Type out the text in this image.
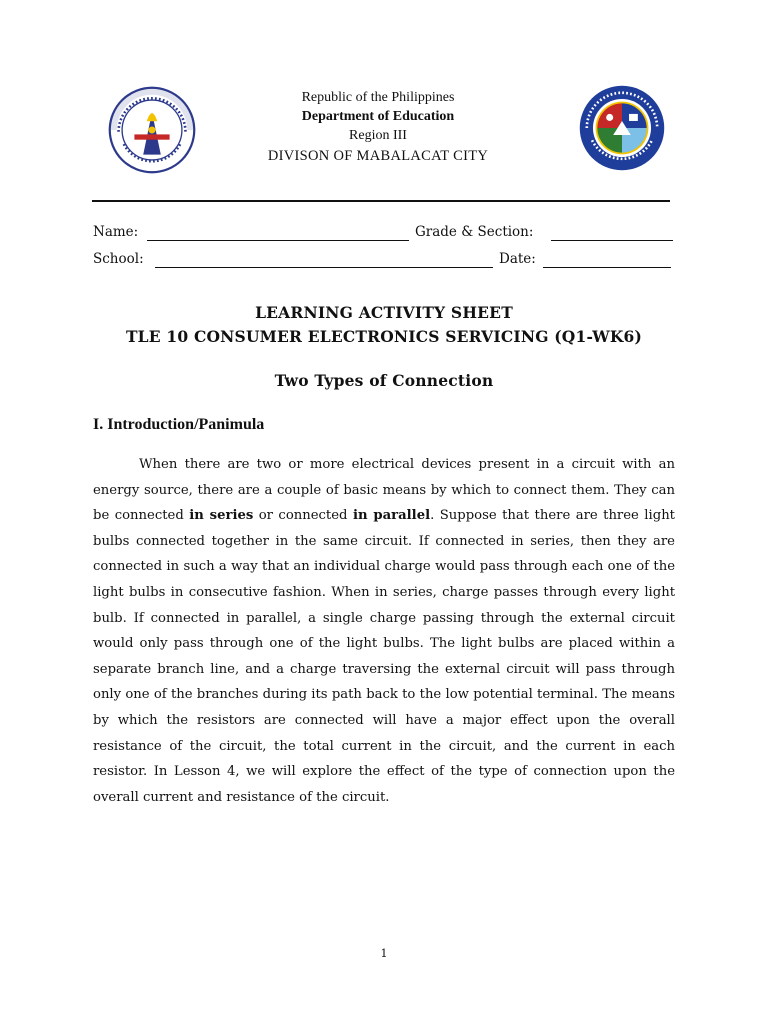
Republic of the Philippines
Department of Education
Region III
DIVISON OF MABALACAT CITY
Name:	Grade & Section:
School:	Date:
LEARNING ACTIVITY SHEET
TLE 10 CONSUMER ELECTRONICS SERVICING (Q1-WK6)
Two Types of Connection
I. Introduction/Panimula

When there are two or more electrical devices present in a circuit with an energy source, there are a couple of basic means by which to connect them. They can be connected in series or connected in parallel. Suppose that there are three light bulbs connected together in the same circuit. If connected in series, then they are connected in such a way that an individual charge would pass through each one of the light bulbs in consecutive fashion. When in series, charge passes through every light bulb. If connected in parallel, a single charge passing through the external circuit would only pass through one of the light bulbs. The light bulbs are placed within a separate branch line, and a charge traversing the external circuit will pass through only one of the branches during its path back to the low potential terminal. The means by which the resistors are connected will have a major effect upon the overall resistance of the circuit, the total current in the circuit, and the current in each resistor. In Lesson 4, we will explore the effect of the type of connection upon the overall current and resistance of the circuit.

1
